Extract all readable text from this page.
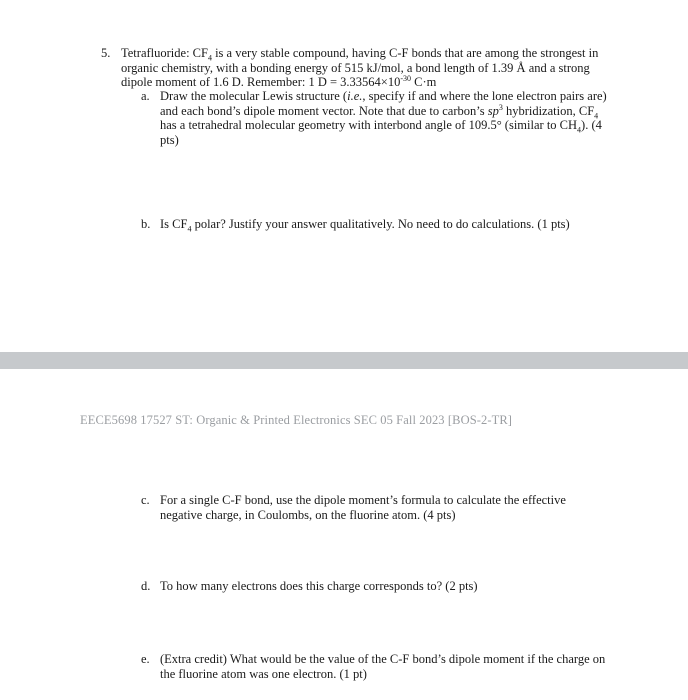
5. Tetrafluoride: $CF_4$ is a very stable compound, having C-F bonds that are among the strongest in organic chemistry, with a bonding energy of 515 kJ/mol, a bond length of 1.39 Å and a strong dipole moment of 1.6 D. Remember: 1 $D = 3.33564\times 10^{-30}$ C·m
a. Draw the molecular Lewis structure (i.e., specify if and where the lone electron pairs are) and each bond’s dipole moment vector. Note that due to carbon’s $sp^3$ hybridization, $CF_4$ has a tetrahedral molecular geometry with interbond angle of 109.5° (similar to $CH_4$). (4 pts)
b. Is $CF_4$ polar? Justify your answer qualitatively. No need to do calculations. (1 pts)
EECE5698 17527 ST: Organic & Printed Electronics SEC 05 Fall 2023 [BOS-2-TR]
c. For a single C-F bond, use the dipole moment’s formula to calculate the effective negative charge, in Coulombs, on the fluorine atom. (4 pts)
d. To how many electrons does this charge corresponds to? (2 pts)
e. (Extra credit) What would be the value of the C-F bond’s dipole moment if the charge on the fluorine atom was one electron. (1 pt)
